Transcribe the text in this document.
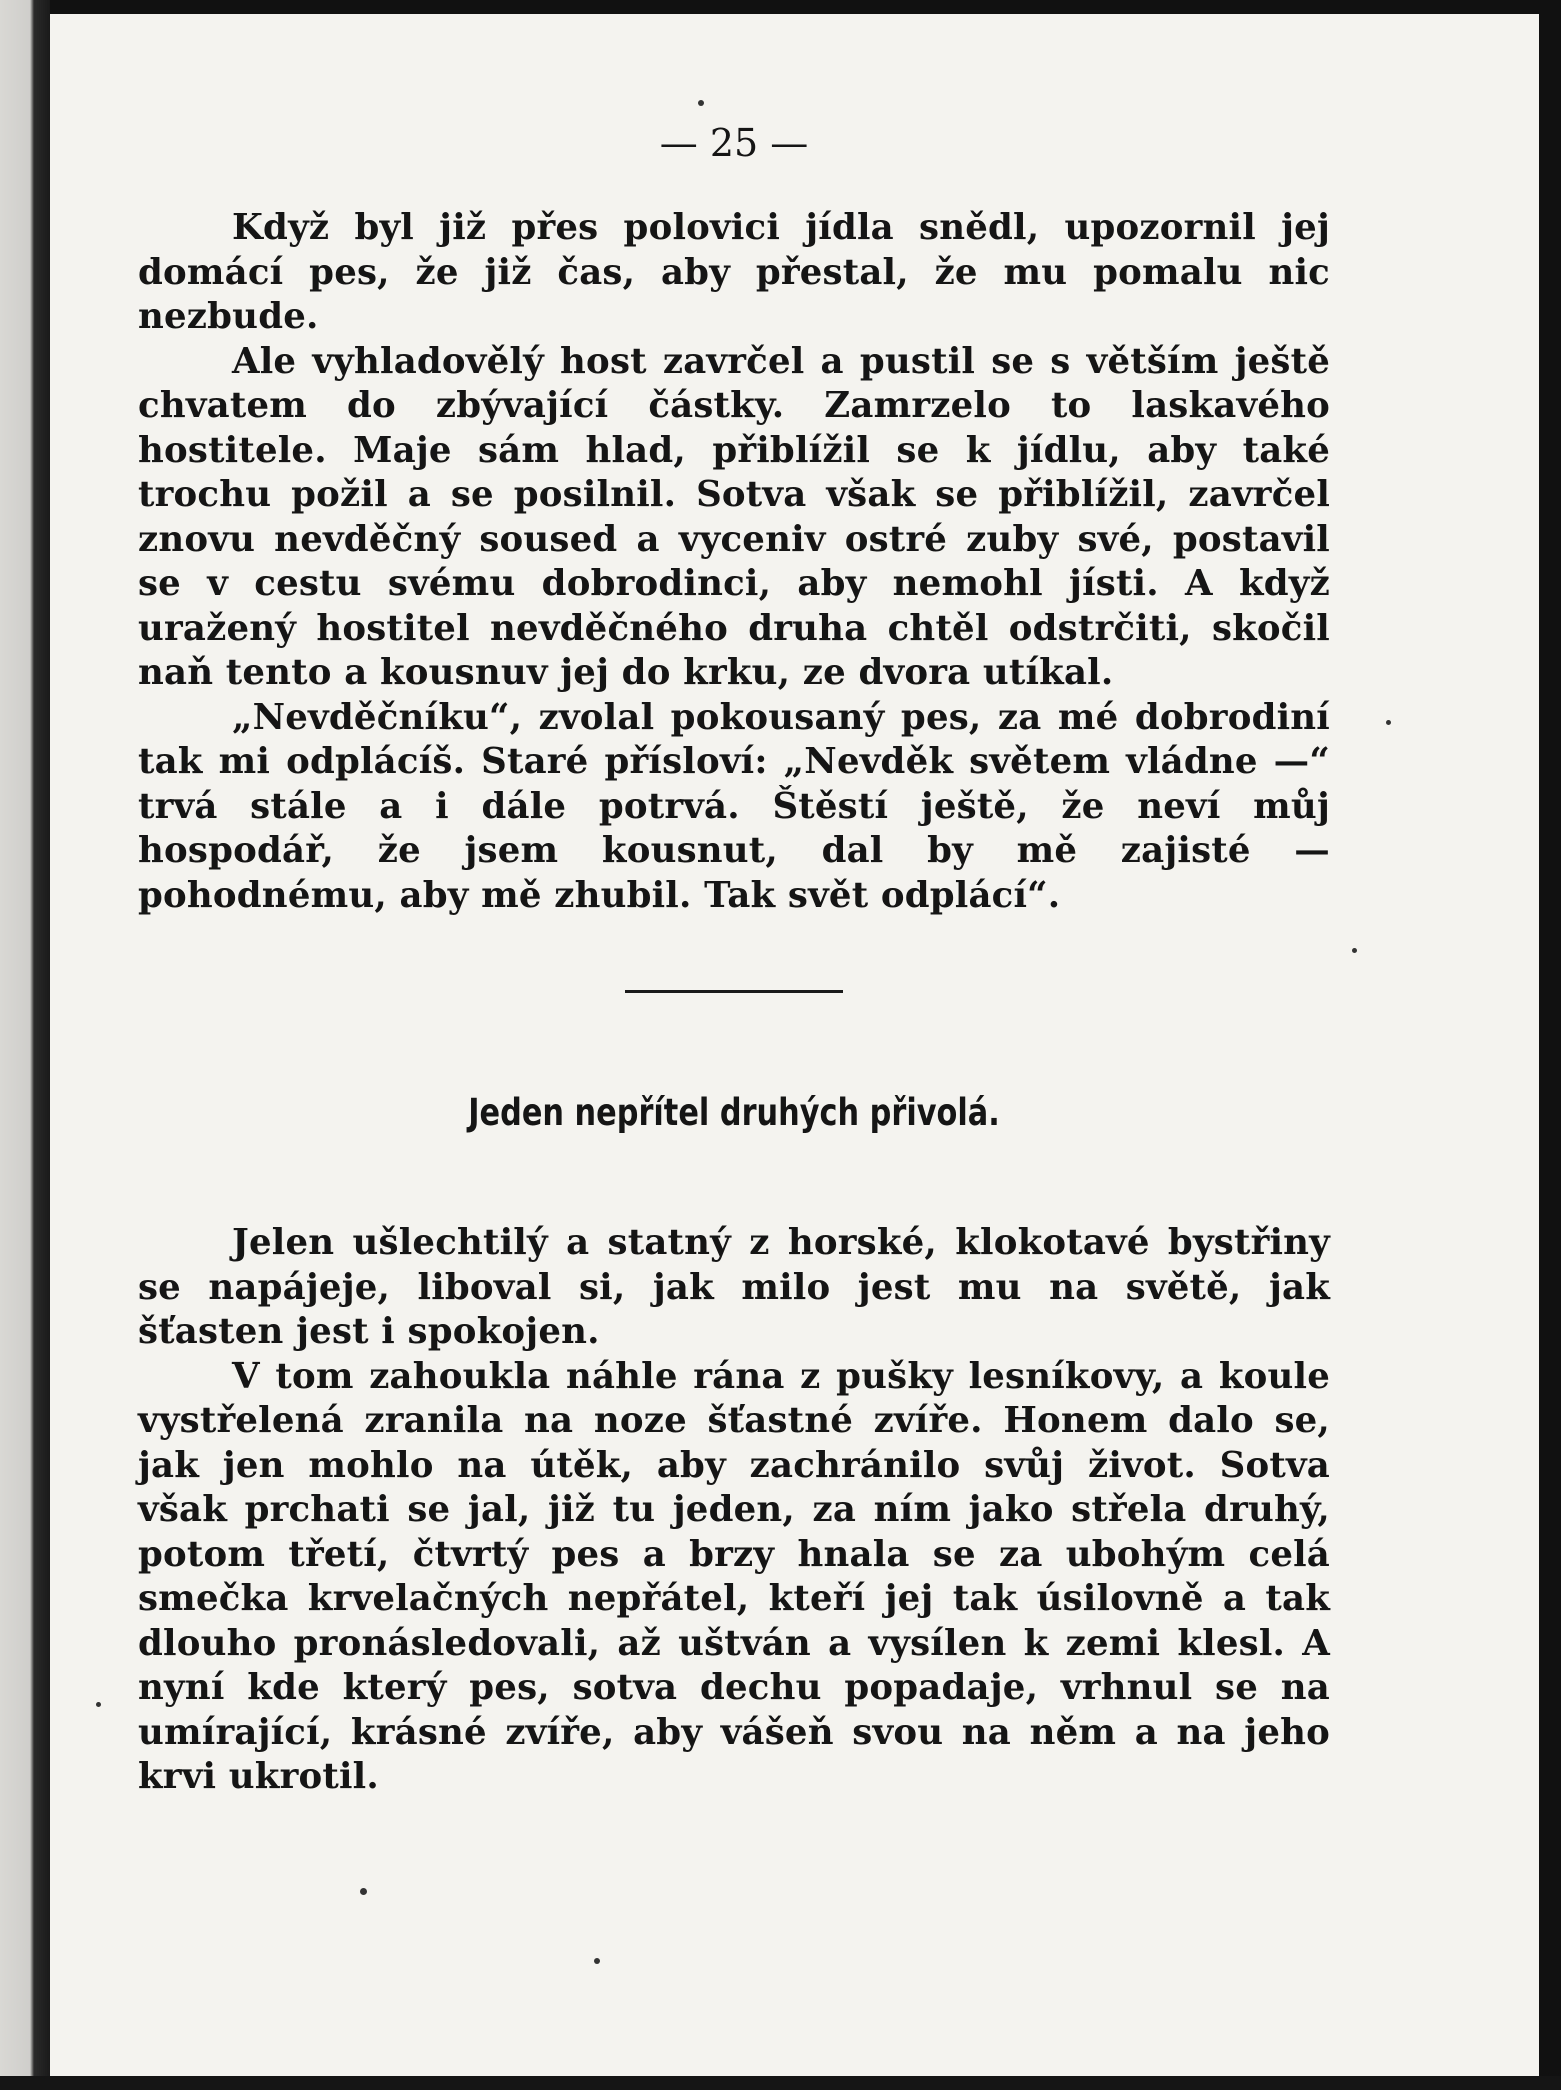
— 25 —

Když byl již přes polovici jídla snědl, upozornil jej domácí pes, že již čas, aby přestal, že mu pomalu nic nezbude.

Ale vyhladovělý host zavrčel a pustil se s větším ještě chvatem do zbývající částky. Zamrzelo to laskavého hostitele. Maje sám hlad, přiblížil se k jídlu, aby také trochu požil a se posilnil. Sotva však se přiblížil, zavrčel znovu nevděčný soused a vyceniv ostré zuby své, postavil se v cestu svému dobrodinci, aby nemohl jísti. A když uražený hostitel nevděčného druha chtěl odstrčiti, skočil naň tento a kousnuv jej do krku, ze dvora utíkal.

„Nevděčníku“, zvolal pokousaný pes, za mé dobrodiní tak mi odplácíš. Staré přísloví: „Nevděk světem vládne —“ trvá stále a i dále potrvá. Štěstí ještě, že neví můj hospodář, že jsem kousnut, dal by mě zajisté — pohodnému, aby mě zhubil. Tak svět odplácí“.

Jeden nepřítel druhých přivolá.

Jelen ušlechtilý a statný z horské, klokotavé bystřiny se napájeje, liboval si, jak milo jest mu na světě, jak šťasten jest i spokojen.

V tom zahoukla náhle rána z pušky lesníkovy, a koule vystřelená zranila na noze šťastné zvíře. Honem dalo se, jak jen mohlo na útěk, aby zachránilo svůj život. Sotva však prchati se jal, již tu jeden, za ním jako střela druhý, potom třetí, čtvrtý pes a brzy hnala se za ubohým celá smečka krvelačných nepřátel, kteří jej tak úsilovně a tak dlouho pronásledovali, až uštván a vysílen k zemi klesl. A nyní kde který pes, sotva dechu popadaje, vrhnul se na umírající, krásné zvíře, aby vášeň svou na něm a na jeho krvi ukrotil.
